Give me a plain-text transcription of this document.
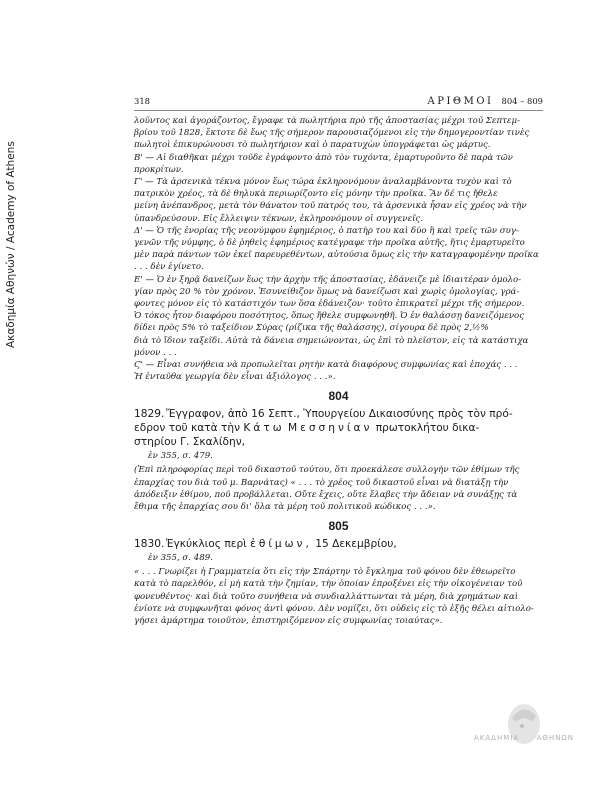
Ακαδημία Αθηνών / Academy of Athens
318	ΑΡΙΘΜΟΙ 804 – 809

λοῦντος καὶ ἀγοράζοντος, ἔγραφε τὰ πωλητήρια πρὸ τῆς ἀποστασίας μέχρι τοῦ Σεπτεμ-

βρίου τοῦ 1828, ἔκτοτε δὲ ἕως τῆς σήμερον παρουσιαζόμενοι εἰς τὴν δημογεροντίαν τινὲς

πωλητοὶ ἐπικυρώνουσι τὸ πωλητήριον καὶ ὁ παρατυχὼν ὑπογράφεται ὡς μάρτυς.

Β' — Αἱ διαθῆκαι μέχρι τοῦδε ἐγράφοντο ἀπὸ τὸν τυχόντα, ἐμαρτυροῦντο δὲ παρὰ τῶν

προκρίτων.

Γ' — Τὰ ἀρσενικὰ τέκνα μόνον ἕως τώρα ἐκληρονόμουν ἀναλαμβάνοντα τυχὸν καὶ τὸ

πατρικὸν χρέος, τὰ δὲ θηλυκὰ περιωρίζοντο εἰς μόνην τὴν προῖκα. Ἂν δέ τις ἤθελε

μείνη ἀνέπανδρος, μετὰ τὸν θάνατον τοῦ πατρός του, τὰ ἀρσενικὰ ἦσαν εἰς χρέος νὰ τὴν

ὑπανδρεύσουν. Εἰς ἔλλειψιν τέκνων, ἐκληρονόμουν οἱ συγγενεῖς.

Δ' — Ὁ τῆς ἐνορίας τῆς νεονύμφου ἐφημέριος, ὁ πατὴρ του καὶ δύο ἢ καὶ τρεῖς τῶν συγ-

γενῶν τῆς νύμφης, ὁ δὲ ῥηθεὶς ἐφημέριος κατέγραφε τὴν προῖκα αὐτῆς, ἥτις ἐμαρτυρεῖτο

μὲν παρὰ πάντων τῶν ἐκεῖ παρευρεθέντων, αὐτούσια ὅμως εἰς τὴν καταγραφομένην προῖκα

. . . δὲν ἐγίνετο.

Ε' — Ὁ ἐν ξηρᾷ δανείζων ἕως τὴν ἀρχὴν τῆς ἀποστασίας, ἐδάνειζε μὲ ἰδιαιτέραν ὁμολο-

γίαν πρὸς 20 % τὸν χρόνον. Ἐσυνείθιζον ὅμως νὰ δανείζωσι καὶ χωρὶς ὁμολογίας, γρά-

φοντες μόνον εἰς τὸ κατάστιχόν των ὅσα ἐδάνειζον· τοῦτο ἐπικρατεῖ μέχρι τῆς σήμερον.

Ὁ τόκος ἦτον διαφόρου ποσότητος, ὅπως ἤθελε συμφωνηθῆ. Ὁ ἐν θαλάσσῃ δανειζόμενος

δίδει πρὸς 5% τὸ ταξείδιον Σύρας (ρίζικα τῆς θαλάσσης), σίγουρα δὲ πρὸς 2,½%

διὰ τὸ ἴδιον ταξεῖδι. Αὐτὰ τὰ δάνεια σημειώνονται, ὡς ἐπὶ τὸ πλεῖστον, εἰς τὰ κατάστιχα

μόνον . . .

Ϛ' — Εἶναι συνήθεια νὰ προπωλεῖται ρητὴν κατὰ διαφόρους συμφωνίας καὶ ἐποχάς . . .

Ἡ ἐνταῦθα γεωργία δὲν εἶναι ἀξιόλογος . . .».

804

1829. Ἔγγραφον, ἀπὸ 16 Σεπτ., Ὑπουργείου Δικαιοσύνης πρὸς τὸν πρό-

εδρον τοῦ κατὰ τὴν Κάτω Μεσσηνίαν πρωτοκλήτου δικα-

στηρίου Γ. Σκαλίδην,

ἐν 355, σ. 479.

(Ἐπὶ πληροφορίας περὶ τοῦ δικαστοῦ τούτου, ὅτι προεκάλεσε συλλογὴν τῶν ἐθίμων τῆς

ἐπαρχίας του διὰ τοῦ μ. Βαρνάτας) « . . . τὸ χρέος τοῦ δικαστοῦ εἶναι νὰ διατάξῃ τὴν

ἀπόδειξιν ἐθίμου, ποῦ προβάλλεται. Οὔτε ἔχεις, οὔτε ἔλαβες τὴν ἄδειαν νὰ συνάξῃς τὰ

ἔθιμα τῆς ἐπαρχίας σου δι' ὅλα τὰ μέρη τοῦ πολιτικοῦ κώδικος . . .».

805

1830. Ἐγκύκλιος περὶ ἐθίμων, 15 Δεκεμβρίου,

ἐν 355, σ. 489.

« . . . Γνωρίζει ἡ Γραμματεία ὅτι εἰς τὴν Σπάρτην τὸ ἔγκλημα τοῦ φόνου δὲν ἐθεωρεῖτο

κατὰ τὸ παρελθόν, εἰ μὴ κατὰ τὴν ζημίαν, τὴν ὁποίαν ἐπροξένει εἰς τὴν οἰκογένειαν τοῦ

φονευθέντος· καὶ διὰ τοῦτο συνήθεια νὰ συνδιαλλάττωνται τὰ μέρη, διὰ χρημάτων καὶ

ἐνίοτε νὰ συμφωνῆται φόνος ἀντὶ φόνου. Δὲν νομίζει, ὅτι οὐδεὶς εἰς τὸ ἑξῆς θέλει αἰτιολο-

γήσει ἁμάρτημα τοιοῦτον, ἐπιστηριζόμενον εἰς συμφωνίας τοιαύτας».

ΑΚΑΔΗΜΙΑ ΑΘΗΝΩΝ
